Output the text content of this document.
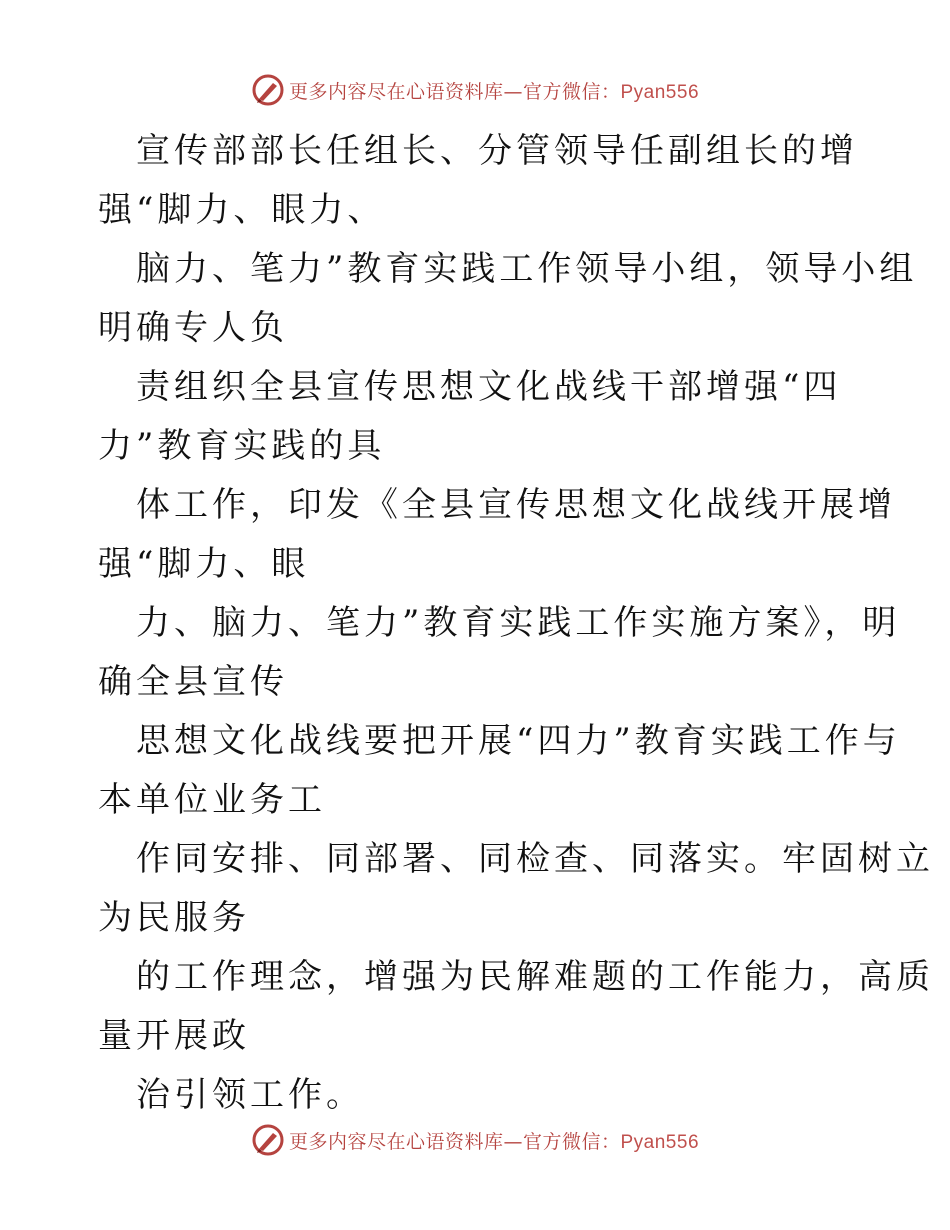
更多内容尽在心语资料库—官方微信：Pyan556
宣传部部长任组长、分管领导任副组长的增
强“脚力、眼力、
脑力、笔力”教育实践工作领导小组，领导小组
明确专人负
责组织全县宣传思想文化战线干部增强“四
力”教育实践的具
体工作，印发《全县宣传思想文化战线开展增
强“脚力、眼
力、脑力、笔力”教育实践工作实施方案》，明
确全县宣传
思想文化战线要把开展“四力”教育实践工作与
本单位业务工
作同安排、同部署、同检查、同落实。牢固树立
为民服务
的工作理念，增强为民解难题的工作能力，高质
量开展政
治引领工作。
更多内容尽在心语资料库—官方微信：Pyan556
